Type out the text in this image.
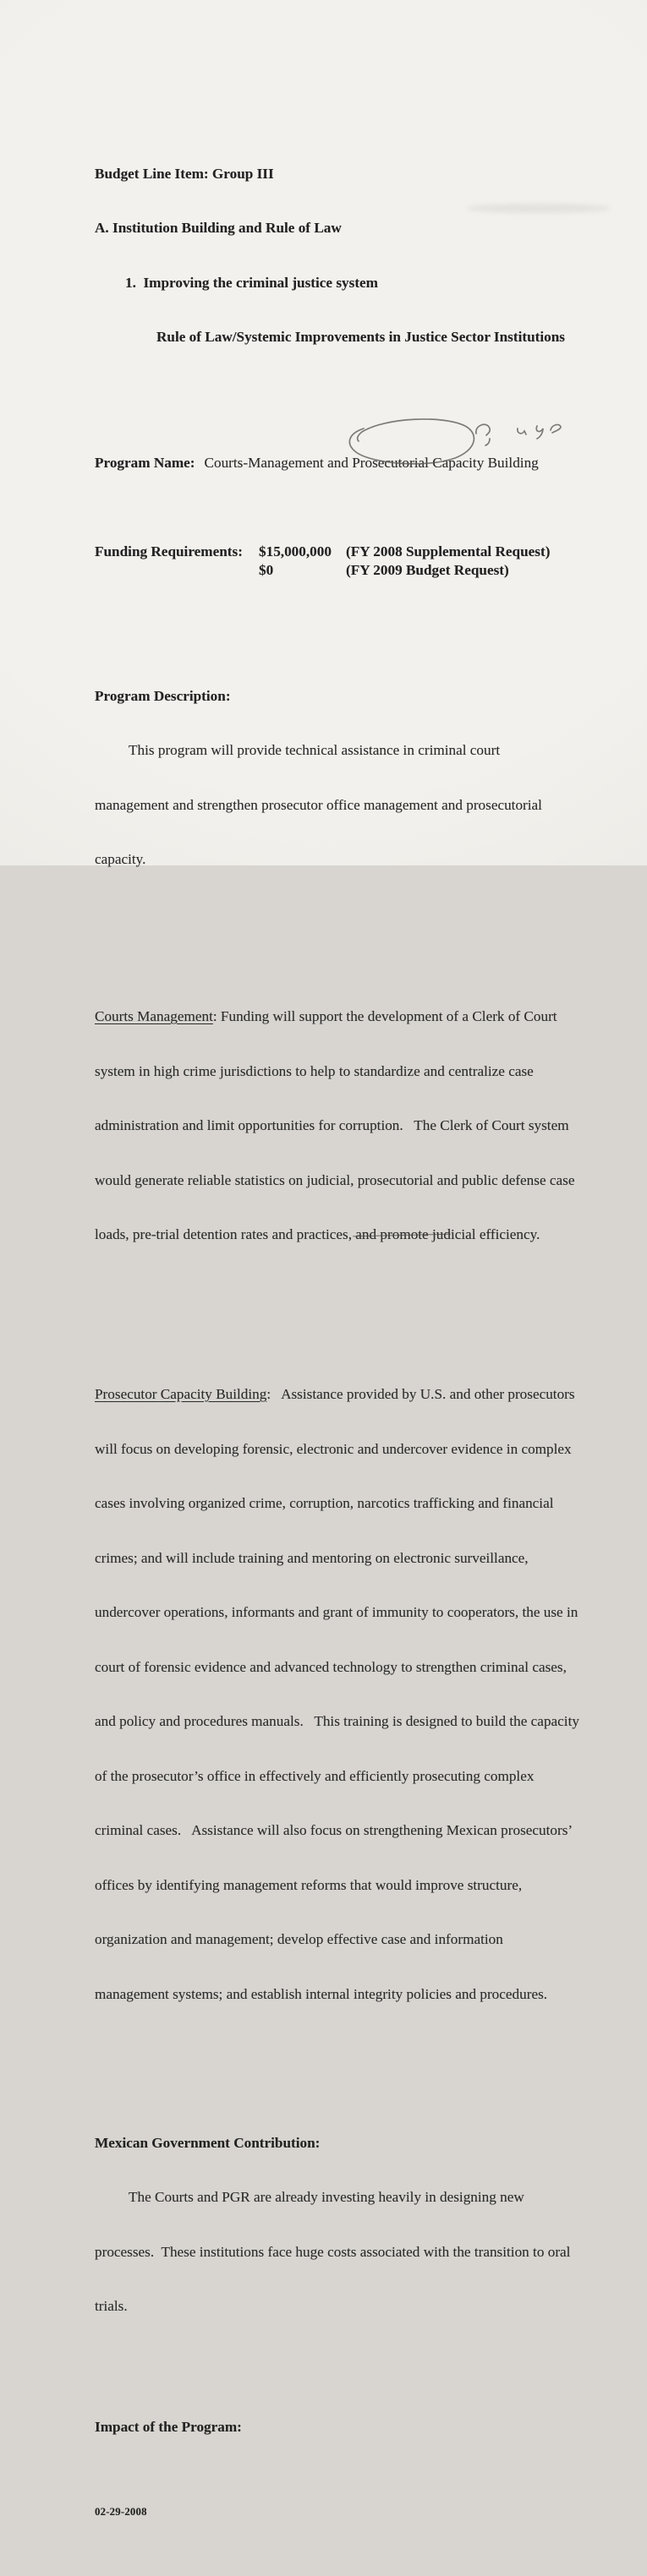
Budget Line Item: Group III

A. Institution Building and Rule of Law

1.  Improving the criminal justice system

Rule of Law/Systemic Improvements in Justice Sector Institutions

Program Name: Courts-Management and Prosecutorial Capacity Building

Funding Requirements:	$15,000,000 (FY 2008 Supplemental Request)
$0	(FY 2009 Budget Request)

Program Description:

This program will provide technical assistance in criminal court

management and strengthen prosecutor office management and prosecutorial

capacity.

Courts Management: Funding will support the development of a Clerk of Court

system in high crime jurisdictions to help to standardize and centralize case

administration and limit opportunities for corruption.   The Clerk of Court system

would generate reliable statistics on judicial, prosecutorial and public defense case

loads, pre-trial detention rates and practices, and promote judicial efficiency.

Prosecutor Capacity Building:   Assistance provided by U.S. and other prosecutors

will focus on developing forensic, electronic and undercover evidence in complex

cases involving organized crime, corruption, narcotics trafficking and financial

crimes; and will include training and mentoring on electronic surveillance,

undercover operations, informants and grant of immunity to cooperators, the use in

court of forensic evidence and advanced technology to strengthen criminal cases,

and policy and procedures manuals.   This training is designed to build the capacity

of the prosecutor’s office in effectively and efficiently prosecuting complex

criminal cases.   Assistance will also focus on strengthening Mexican prosecutors’

offices by identifying management reforms that would improve structure,

organization and management; develop effective case and information

management systems; and establish internal integrity policies and procedures.

Mexican Government Contribution:

The Courts and PGR are already investing heavily in designing new

processes.  These institutions face huge costs associated with the transition to oral

trials.

Impact of the Program:

02-29-2008
